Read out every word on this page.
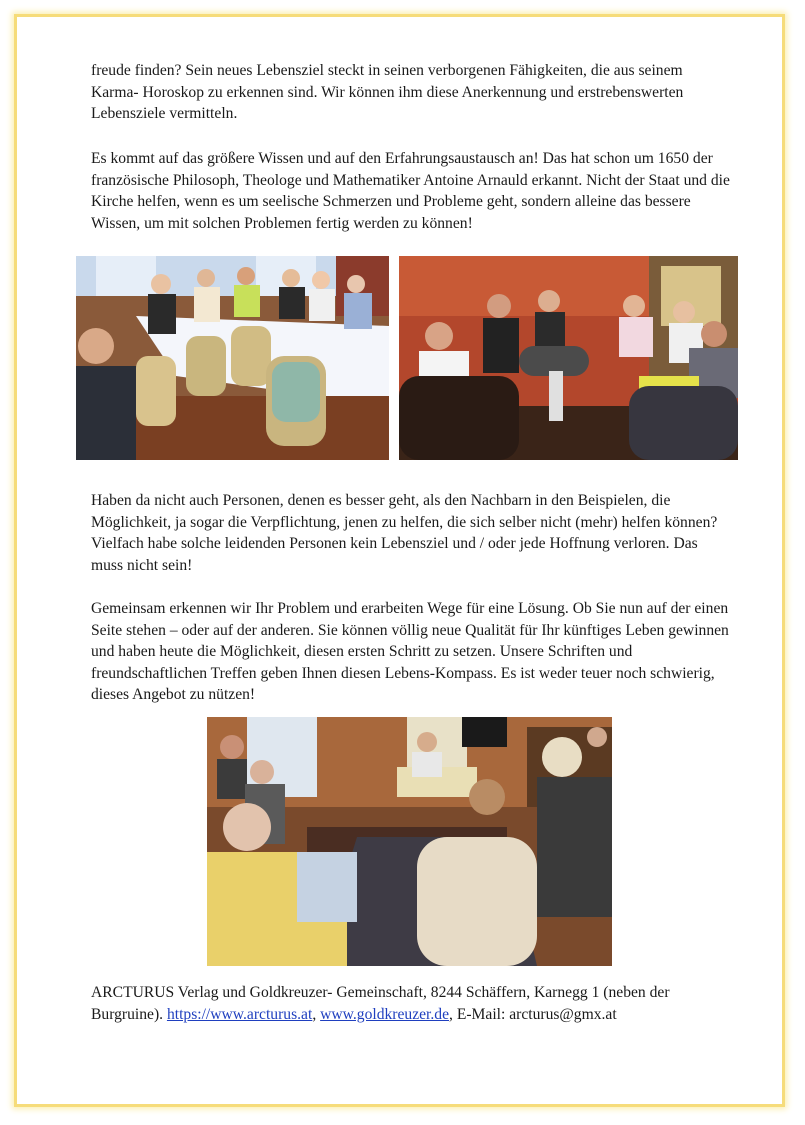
freude finden? Sein neues Lebensziel steckt in seinen verborgenen Fähigkeiten, die aus seinem Karma- Horoskop zu erkennen sind. Wir können ihm diese Anerkennung und erstrebenswerten Lebensziele vermitteln.

Es kommt auf das größere Wissen und auf den Erfahrungsaustausch an! Das hat schon um 1650 der französische Philosoph, Theologe und Mathematiker Antoine Arnauld erkannt. Nicht der Staat und die Kirche helfen, wenn es um seelische Schmerzen und Probleme geht, sondern alleine das bessere Wissen, um mit solchen Problemen fertig werden zu können!

Haben da nicht auch Personen, denen es besser geht, als den Nachbarn in den Beispielen, die Möglichkeit, ja sogar die Verpflichtung, jenen zu helfen, die sich selber nicht (mehr) helfen können? Vielfach habe solche leidenden Personen kein Lebensziel und / oder jede Hoffnung verloren. Das muss nicht sein!

Gemeinsam erkennen wir Ihr Problem und erarbeiten Wege für eine Lösung. Ob Sie nun auf der einen Seite stehen – oder auf der anderen. Sie können völlig neue Qualität für Ihr künftiges Leben gewinnen und haben heute die Möglichkeit, diesen ersten Schritt zu setzen. Unsere Schriften und freundschaftlichen Treffen geben Ihnen diesen Lebens-Kompass. Es ist weder teuer noch schwierig, dieses Angebot zu nützen!

ARCTURUS Verlag und Goldkreuzer- Gemeinschaft, 8244 Schäffern, Karnegg 1 (neben der Burgruine). https://www.arcturus.at, www.goldkreuzer.de, E-Mail: arcturus@gmx.at
